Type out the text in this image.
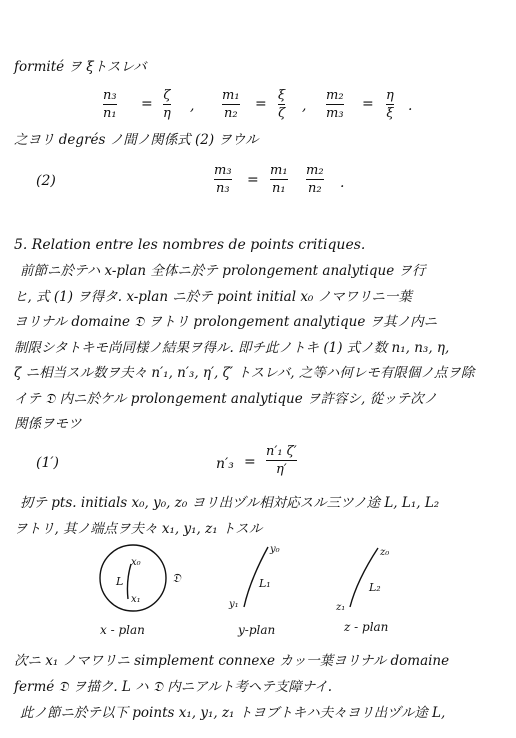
formité ヲ ξトスレバ
n₃
n₁
=
ζ
η ,
m₁
n₂
=
ξ
ζ ,
m₂
m₃
=
η
ξ .
之ヨリ degrés ノ間ノ関係式 (2) ヲウル
(2)
m₃
n₃
=
m₁
n₁
m₂
n₂ .
5. Relation entre les nombres de points critiques.
前節ニ於テハ x-plan 全体ニ於テ prolongement analytique ヲ行
ヒ, 式 (1) ヲ得タ. x-plan ニ於テ point initial x₀ ノマワリニ一葉
ヨリナル domaine 𝔇 ヲトリ prolongement analytique ヲ其ノ内ニ
制限シタトキモ尚同様ノ結果ヲ得ル. 即チ此ノトキ (1) 式ノ数 n₁, n₃, η,
ζ ニ相当スル数ヲ夫々 n′₁, n′₃, η′, ζ′ トスレバ, 之等ハ何レモ有限個ノ点ヲ除
イテ 𝔇 内ニ於ケル prolongement analytique ヲ許容シ, 從ッテ次ノ
関係ヲモツ
(1′)	n′₃ =
n′₁ ζ′
η′
扨テ pts. initials x₀, y₀, z₀ ヨリ出ヅル相対応スル三ツノ途 L, L₁, L₂
ヲトリ, 其ノ端点ヲ夫々 x₁, y₁, z₁ トスル
x₀
x₁
L	𝔇
x - plan
y₀
y₁
L₁
y-plan
z₀
z₁
L₂
z - plan
次ニ x₁ ノマワリニ simplement connexe カッ一葉ヨリナル domaine
fermé 𝔇 ヲ描ク. L ハ 𝔇 内ニアルト考ヘテ支障ナイ.
此ノ節ニ於テ以下 points x₁, y₁, z₁ トヨブトキハ夫々ヨリ出ヅル途 L,
